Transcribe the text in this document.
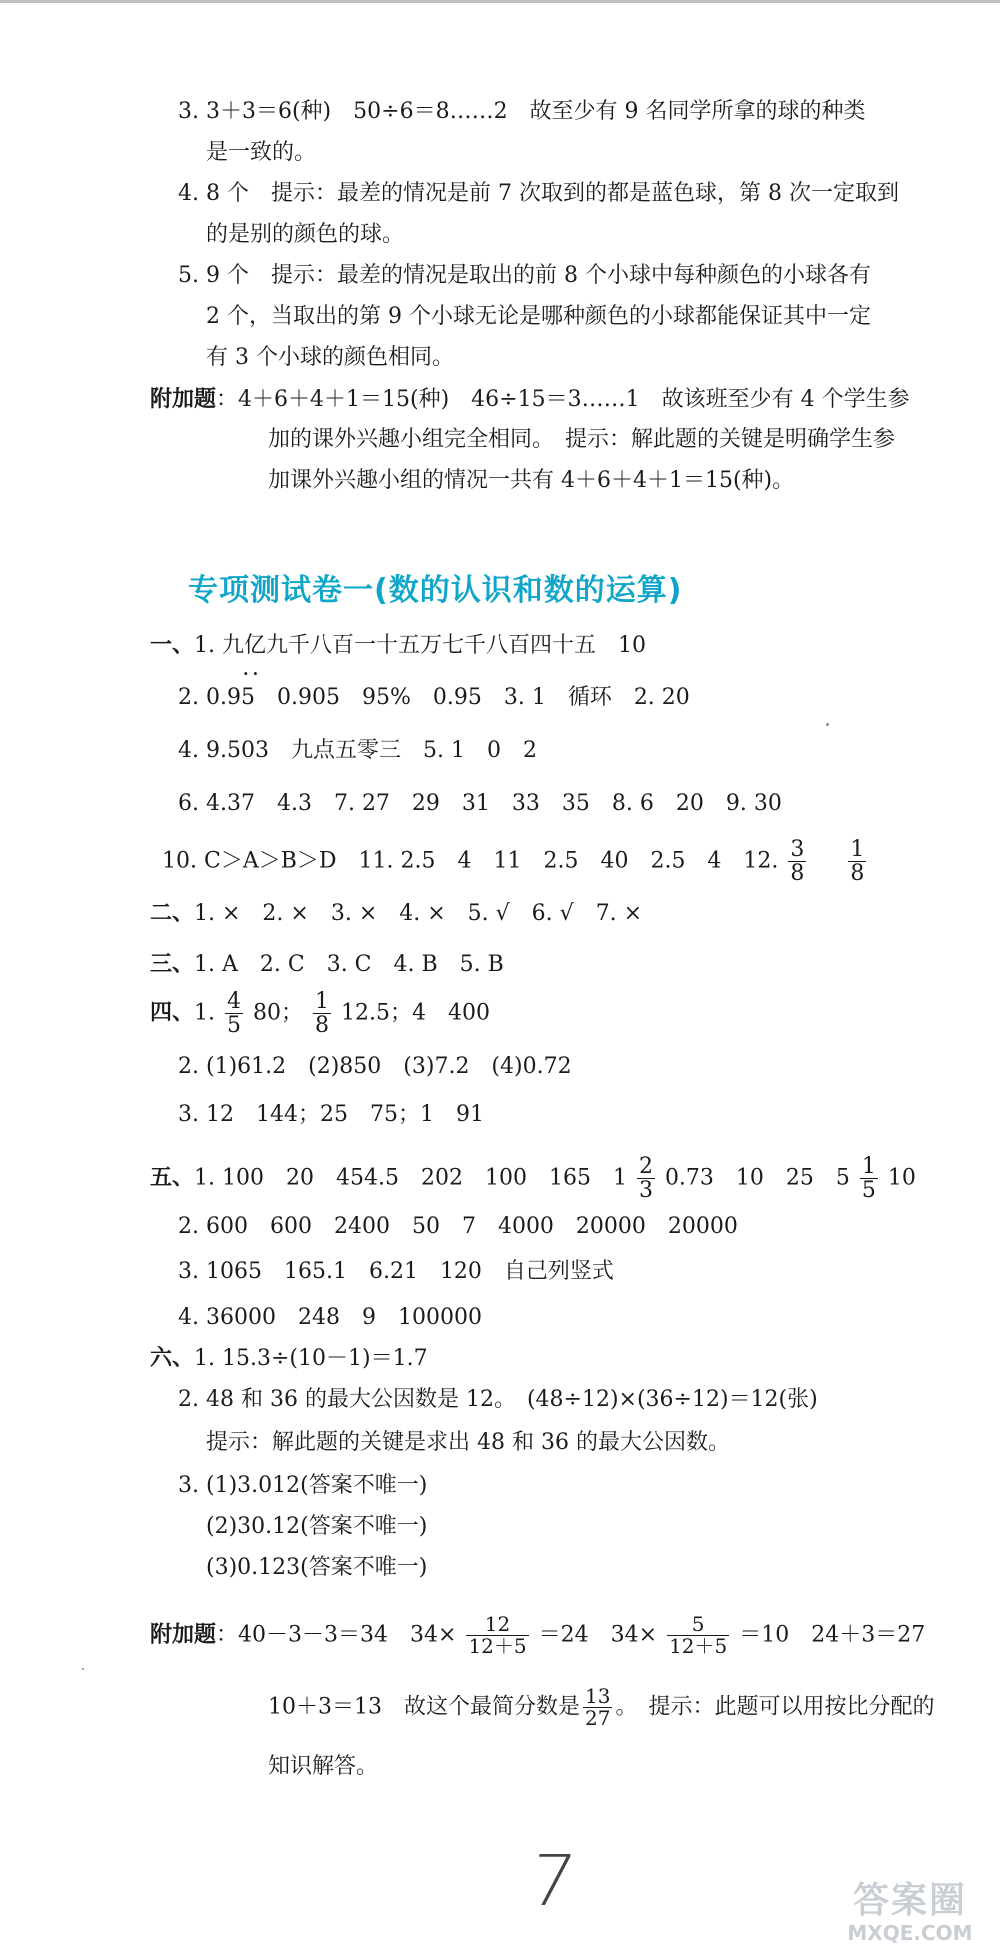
3. 3＋3＝6(种)　50÷6＝8……2　故至少有 9 名同学所拿的球的种类
是一致的。
4. 8 个　提示：最差的情况是前 7 次取到的都是蓝色球，第 8 次一定取到
的是别的颜色的球。
5. 9 个　提示：最差的情况是取出的前 8 个小球中每种颜色的小球各有
2 个，当取出的第 9 个小球无论是哪种颜色的小球都能保证其中一定
有 3 个小球的颜色相同。
附加题：4＋6＋4＋1＝15(种)　46÷15＝3……1　故该班至少有 4 个学生参
加的课外兴趣小组完全相同。　提示：解此题的关键是明确学生参
加课外兴趣小组的情况一共有 4＋6＋4＋1＝15(种)。
专项测试卷一(数的认识和数的运算)
一、1. 九亿九千八百一十五万七千八百四十五　10
··
2. 0.95　0.905　95%　0.95　3. 1　循环　2. 20
4. 9.503　九点五零三　5. 1　0　2
6. 4.37　4.3　7. 27　29　31　33　35　8. 6　20　9. 30
10. C＞A＞B＞D　11. 2.5　4　11　2.5　40　2.5　4　12. $\frac{3}{8}$
$\frac{1}{8}$
二、1. ×　2. ×　3. ×　4. ×　5. √　6. √　7. ×
三、1. A　2. C　3. C　4. B　5. B
四、1. $\frac{4}{5} 80$； $\frac{1}{8} 12.5$；4　400
2. (1)61.2　(2)850　(3)7.2　(4)0.72
3. 12　144；25　75；1　91
五、1. 100　20　454.5　202　100　165　$1 \frac{2}{3} 0.73$　10　25　$5 \frac{1}{5} 10$
2. 600　600　2400　50　7　4000　20000　20000
3. 1065　165.1　6.21　120　自己列竖式
4. 36000　248　9　100000
六、1. 15.3÷(10－1)＝1.7
2. 48 和 36 的最大公因数是 12。　(48÷12)×(36÷12)＝12(张)
提示：解此题的关键是求出 48 和 36 的最大公因数。
3. (1)3.012(答案不唯一)
(2)30.12(答案不唯一)
(3)0.123(答案不唯一)
附加题：40－3－3＝34　$34\times \frac{12}{12+5} =24$　$34\times \frac{5}{12+5} =10$　24＋3＝27
10＋3＝13　故这个最简分数是 $\frac{13}{27}$ 。　提示：此题可以用按比分配的
知识解答。
7	答案圈
MXQE.COM
